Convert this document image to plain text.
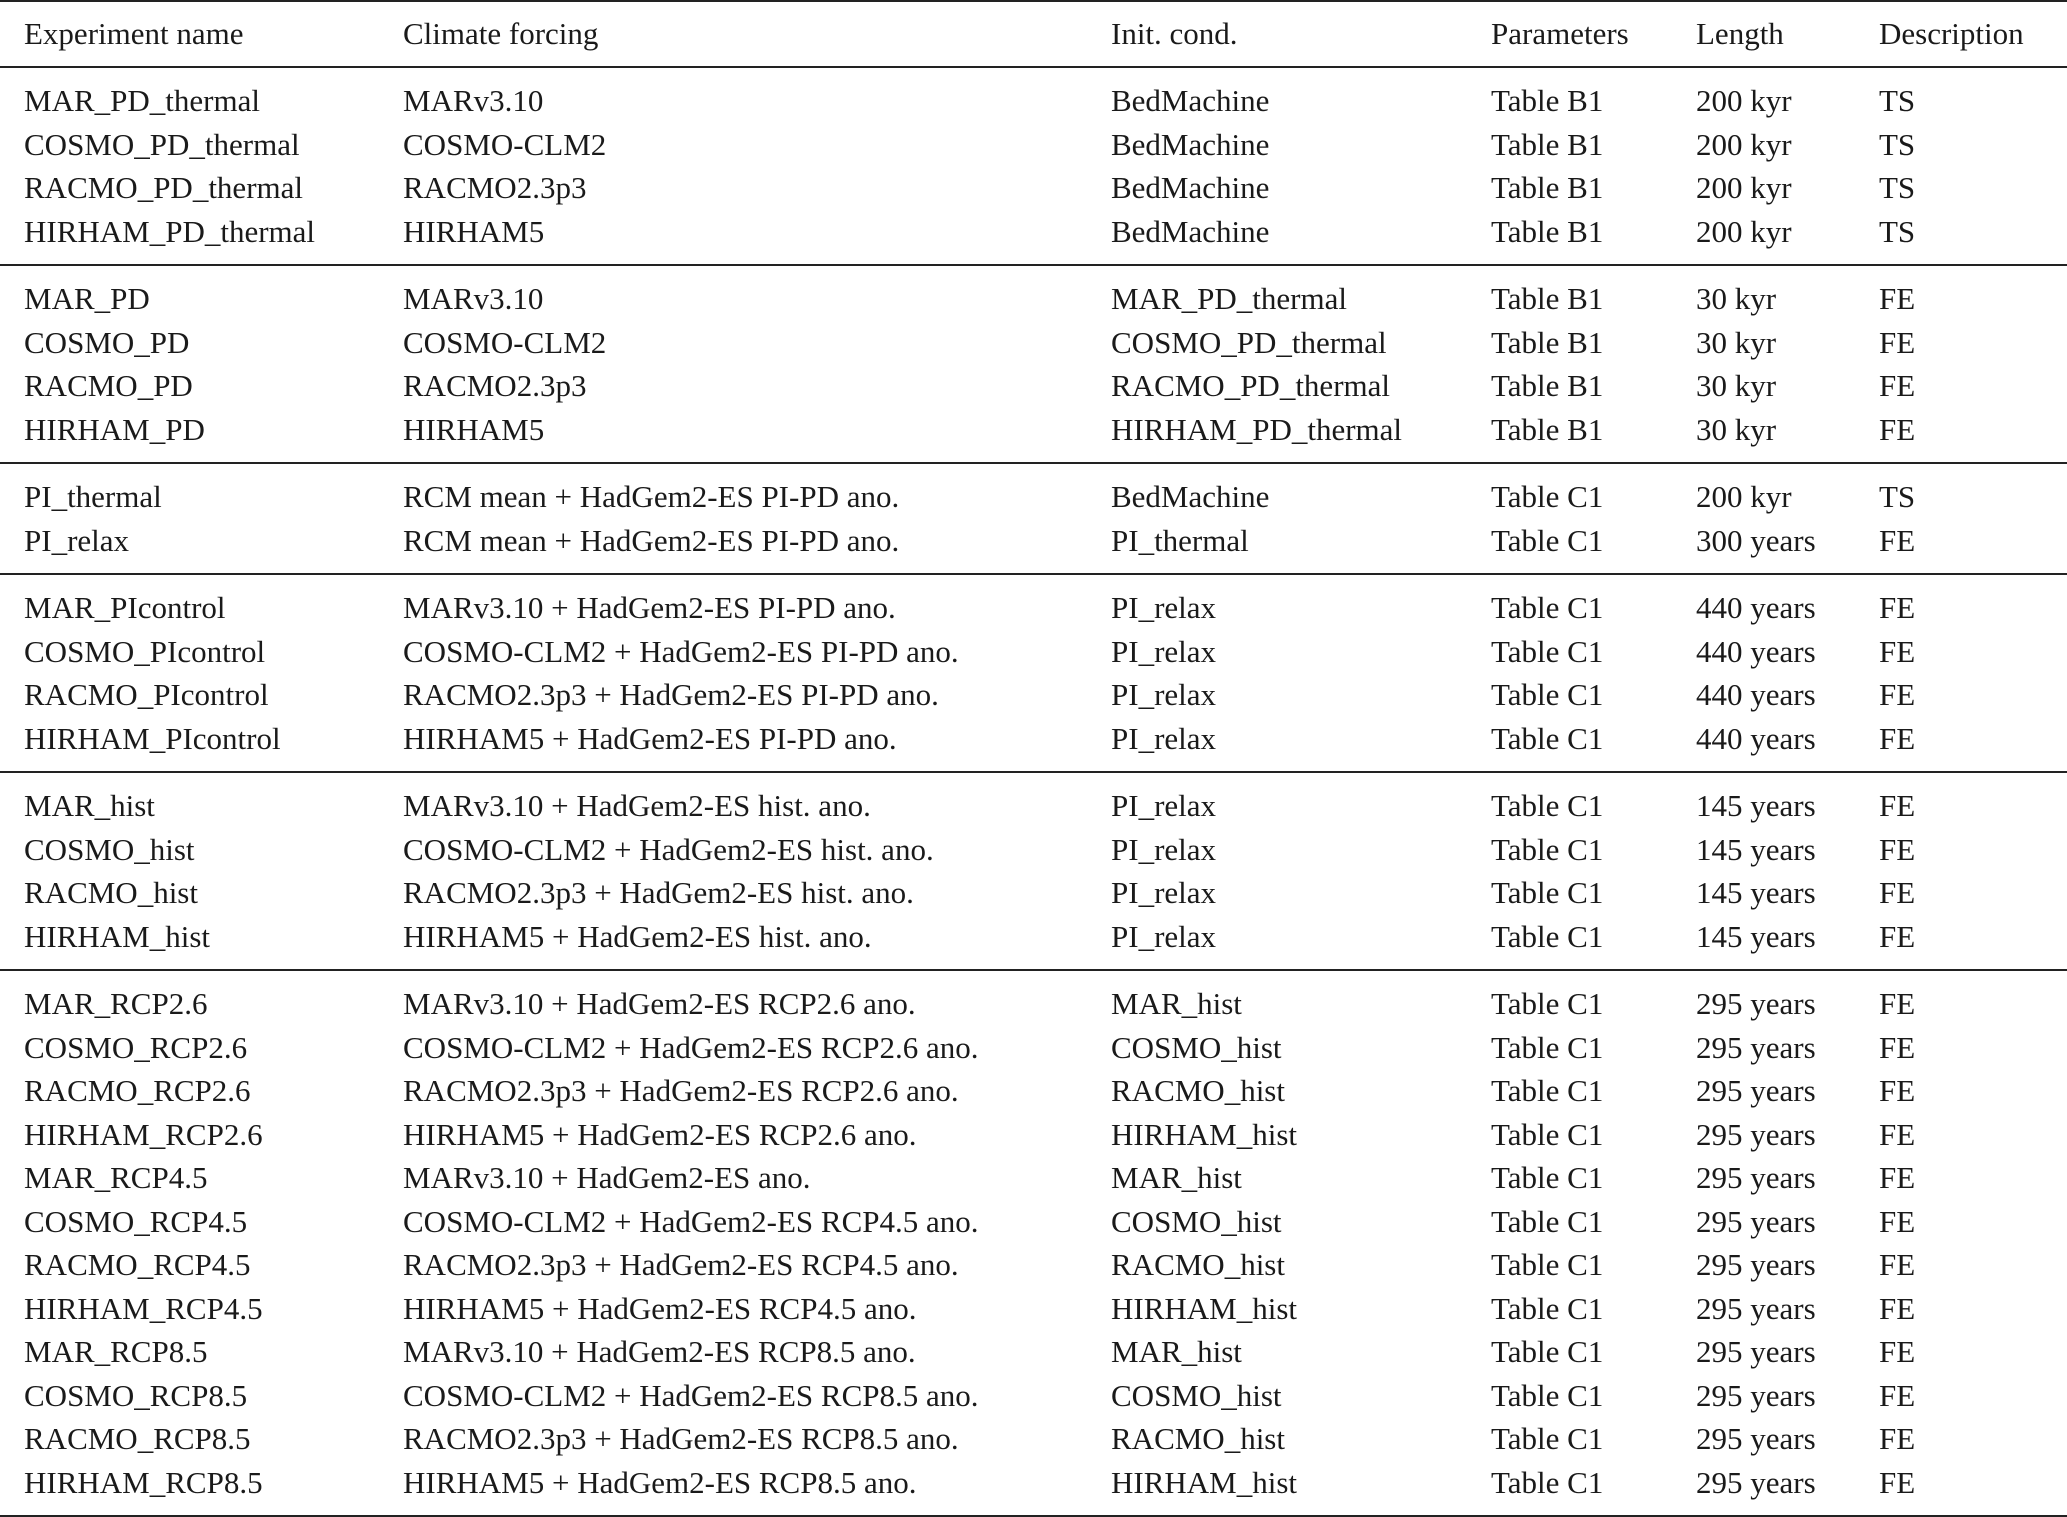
Experiment name	Climate forcing	Init. cond.	Parameters	Length	Description
MAR_PD_thermal	MARv3.10	BedMachine	Table B1	200 kyr	TS
COSMO_PD_thermal	COSMO-CLM2	BedMachine	Table B1	200 kyr	TS
RACMO_PD_thermal	RACMO2.3p3	BedMachine	Table B1	200 kyr	TS
HIRHAM_PD_thermal	HIRHAM5	BedMachine	Table B1	200 kyr	TS
MAR_PD	MARv3.10	MAR_PD_thermal	Table B1	30 kyr	FE
COSMO_PD	COSMO-CLM2	COSMO_PD_thermal	Table B1	30 kyr	FE
RACMO_PD	RACMO2.3p3	RACMO_PD_thermal	Table B1	30 kyr	FE
HIRHAM_PD	HIRHAM5	HIRHAM_PD_thermal	Table B1	30 kyr	FE
PI_thermal	RCM mean + HadGem2-ES PI-PD ano.	BedMachine	Table C1	200 kyr	TS
PI_relax	RCM mean + HadGem2-ES PI-PD ano.	PI_thermal	Table C1	300 years	FE
MAR_PIcontrol	MARv3.10 + HadGem2-ES PI-PD ano.	PI_relax	Table C1	440 years	FE
COSMO_PIcontrol	COSMO-CLM2 + HadGem2-ES PI-PD ano.	PI_relax	Table C1	440 years	FE
RACMO_PIcontrol	RACMO2.3p3 + HadGem2-ES PI-PD ano.	PI_relax	Table C1	440 years	FE
HIRHAM_PIcontrol	HIRHAM5 + HadGem2-ES PI-PD ano.	PI_relax	Table C1	440 years	FE
MAR_hist	MARv3.10 + HadGem2-ES hist. ano.	PI_relax	Table C1	145 years	FE
COSMO_hist	COSMO-CLM2 + HadGem2-ES hist. ano.	PI_relax	Table C1	145 years	FE
RACMO_hist	RACMO2.3p3 + HadGem2-ES hist. ano.	PI_relax	Table C1	145 years	FE
HIRHAM_hist	HIRHAM5 + HadGem2-ES hist. ano.	PI_relax	Table C1	145 years	FE
MAR_RCP2.6	MARv3.10 + HadGem2-ES RCP2.6 ano.	MAR_hist	Table C1	295 years	FE
COSMO_RCP2.6	COSMO-CLM2 + HadGem2-ES RCP2.6 ano.	COSMO_hist	Table C1	295 years	FE
RACMO_RCP2.6	RACMO2.3p3 + HadGem2-ES RCP2.6 ano.	RACMO_hist	Table C1	295 years	FE
HIRHAM_RCP2.6	HIRHAM5 + HadGem2-ES RCP2.6 ano.	HIRHAM_hist	Table C1	295 years	FE
MAR_RCP4.5	MARv3.10 + HadGem2-ES ano.	MAR_hist	Table C1	295 years	FE
COSMO_RCP4.5	COSMO-CLM2 + HadGem2-ES RCP4.5 ano.	COSMO_hist	Table C1	295 years	FE
RACMO_RCP4.5	RACMO2.3p3 + HadGem2-ES RCP4.5 ano.	RACMO_hist	Table C1	295 years	FE
HIRHAM_RCP4.5	HIRHAM5 + HadGem2-ES RCP4.5 ano.	HIRHAM_hist	Table C1	295 years	FE
MAR_RCP8.5	MARv3.10 + HadGem2-ES RCP8.5 ano.	MAR_hist	Table C1	295 years	FE
COSMO_RCP8.5	COSMO-CLM2 + HadGem2-ES RCP8.5 ano.	COSMO_hist	Table C1	295 years	FE
RACMO_RCP8.5	RACMO2.3p3 + HadGem2-ES RCP8.5 ano.	RACMO_hist	Table C1	295 years	FE
HIRHAM_RCP8.5	HIRHAM5 + HadGem2-ES RCP8.5 ano.	HIRHAM_hist	Table C1	295 years	FE
